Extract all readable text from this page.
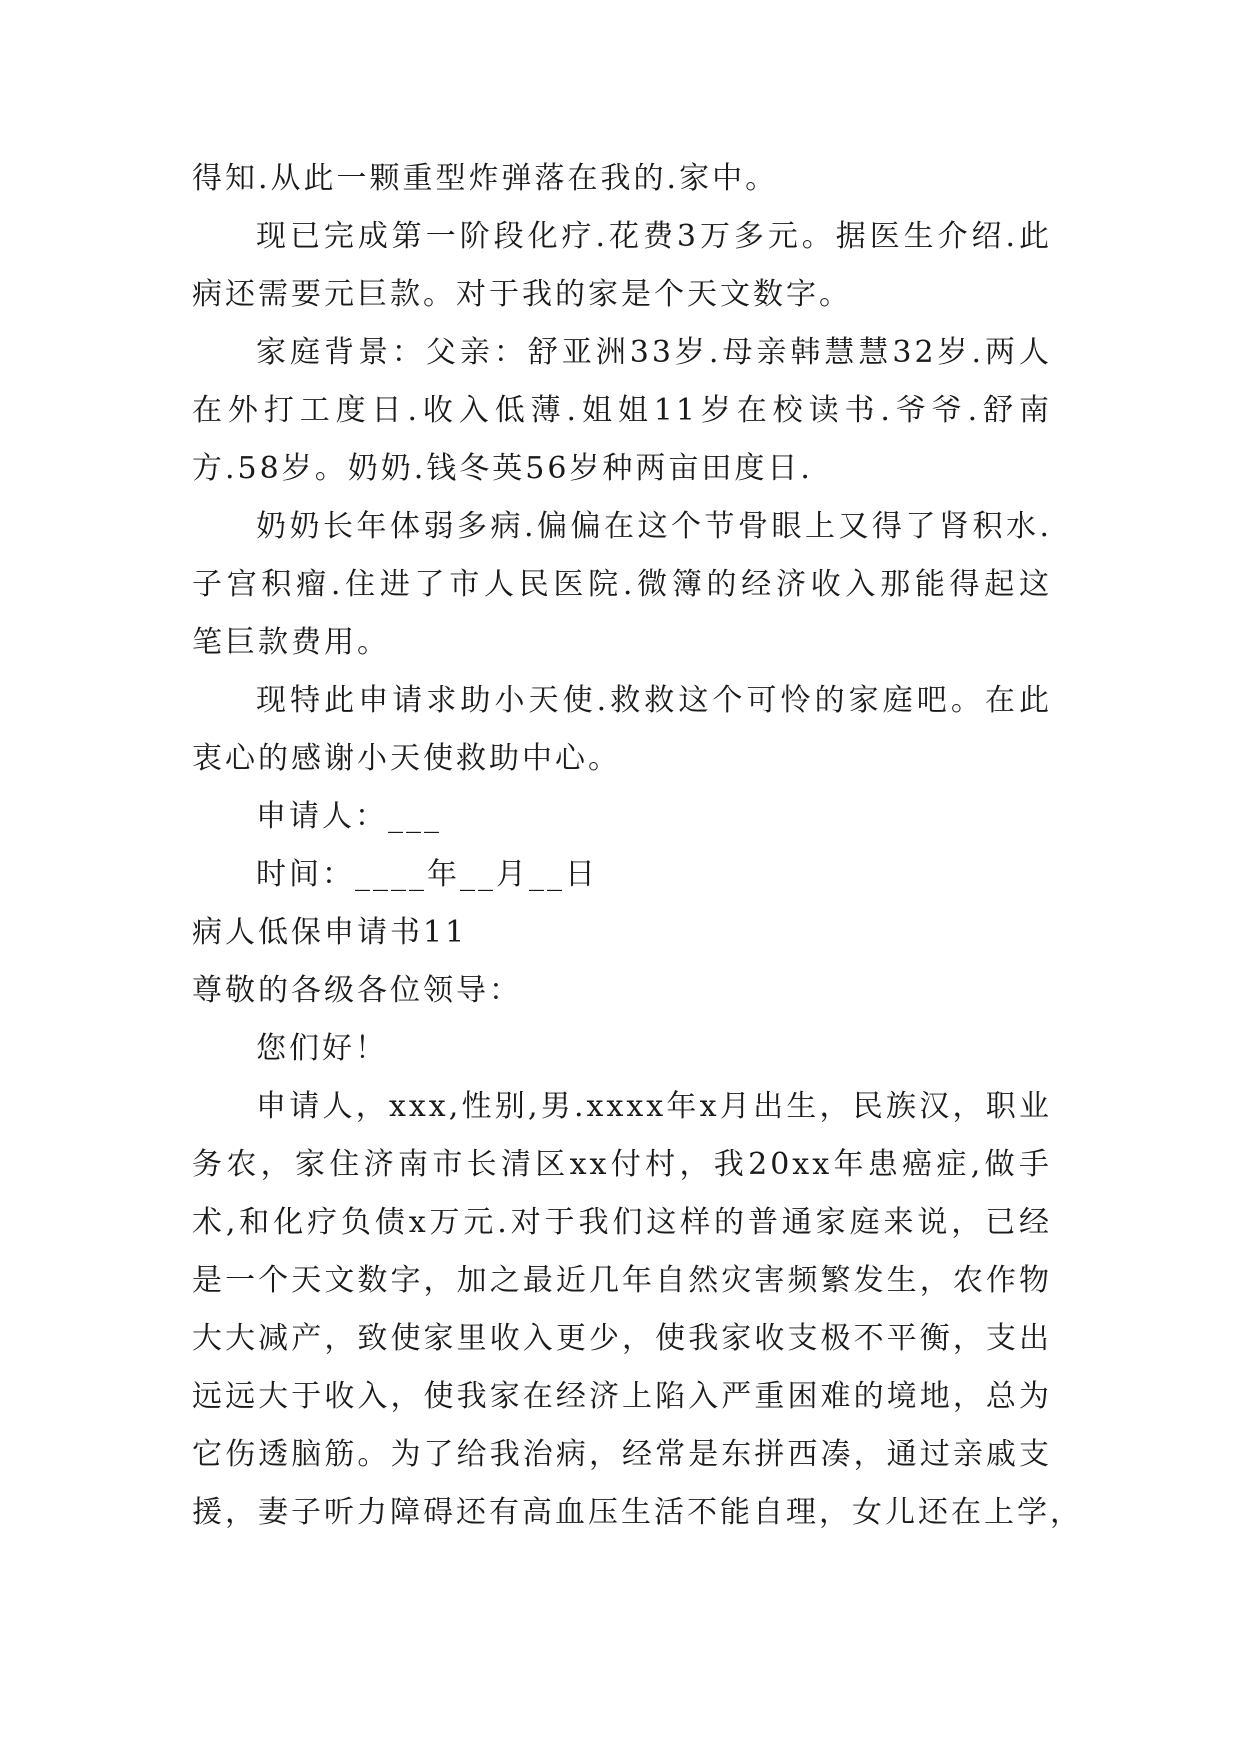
得知.从此一颗重型炸弹落在我的.家中。
现已完成第一阶段化疗.花费3万多元。据医生介绍.此
病还需要元巨款。对于我的家是个天文数字。
家庭背景：父亲：舒亚洲33岁.母亲韩慧慧32岁.两人
在外打工度日.收入低薄.姐姐11岁在校读书.爷爷.舒南
方.58岁。奶奶.钱冬英56岁种两亩田度日.
奶奶长年体弱多病.偏偏在这个节骨眼上又得了肾积水.
子宫积瘤.住进了市人民医院.微簿的经济收入那能得起这
笔巨款费用。
现特此申请求助小天使.救救这个可怜的家庭吧。在此
衷心的感谢小天使救助中心。
申请人：___
时间：____年__月__日
病人低保申请书11
尊敬的各级各位领导：
您们好！
申请人，xxx,性别,男.xxxx年x月出生，民族汉，职业
务农，家住济南市长清区xx付村，我20xx年患癌症,做手
术,和化疗负债x万元.对于我们这样的普通家庭来说，已经
是一个天文数字，加之最近几年自然灾害频繁发生，农作物
大大减产，致使家里收入更少，使我家收支极不平衡，支出
远远大于收入，使我家在经济上陷入严重困难的境地，总为
它伤透脑筋。为了给我治病，经常是东拼西凑，通过亲戚支
援，妻子听力障碍还有高血压生活不能自理，女儿还在上学，
